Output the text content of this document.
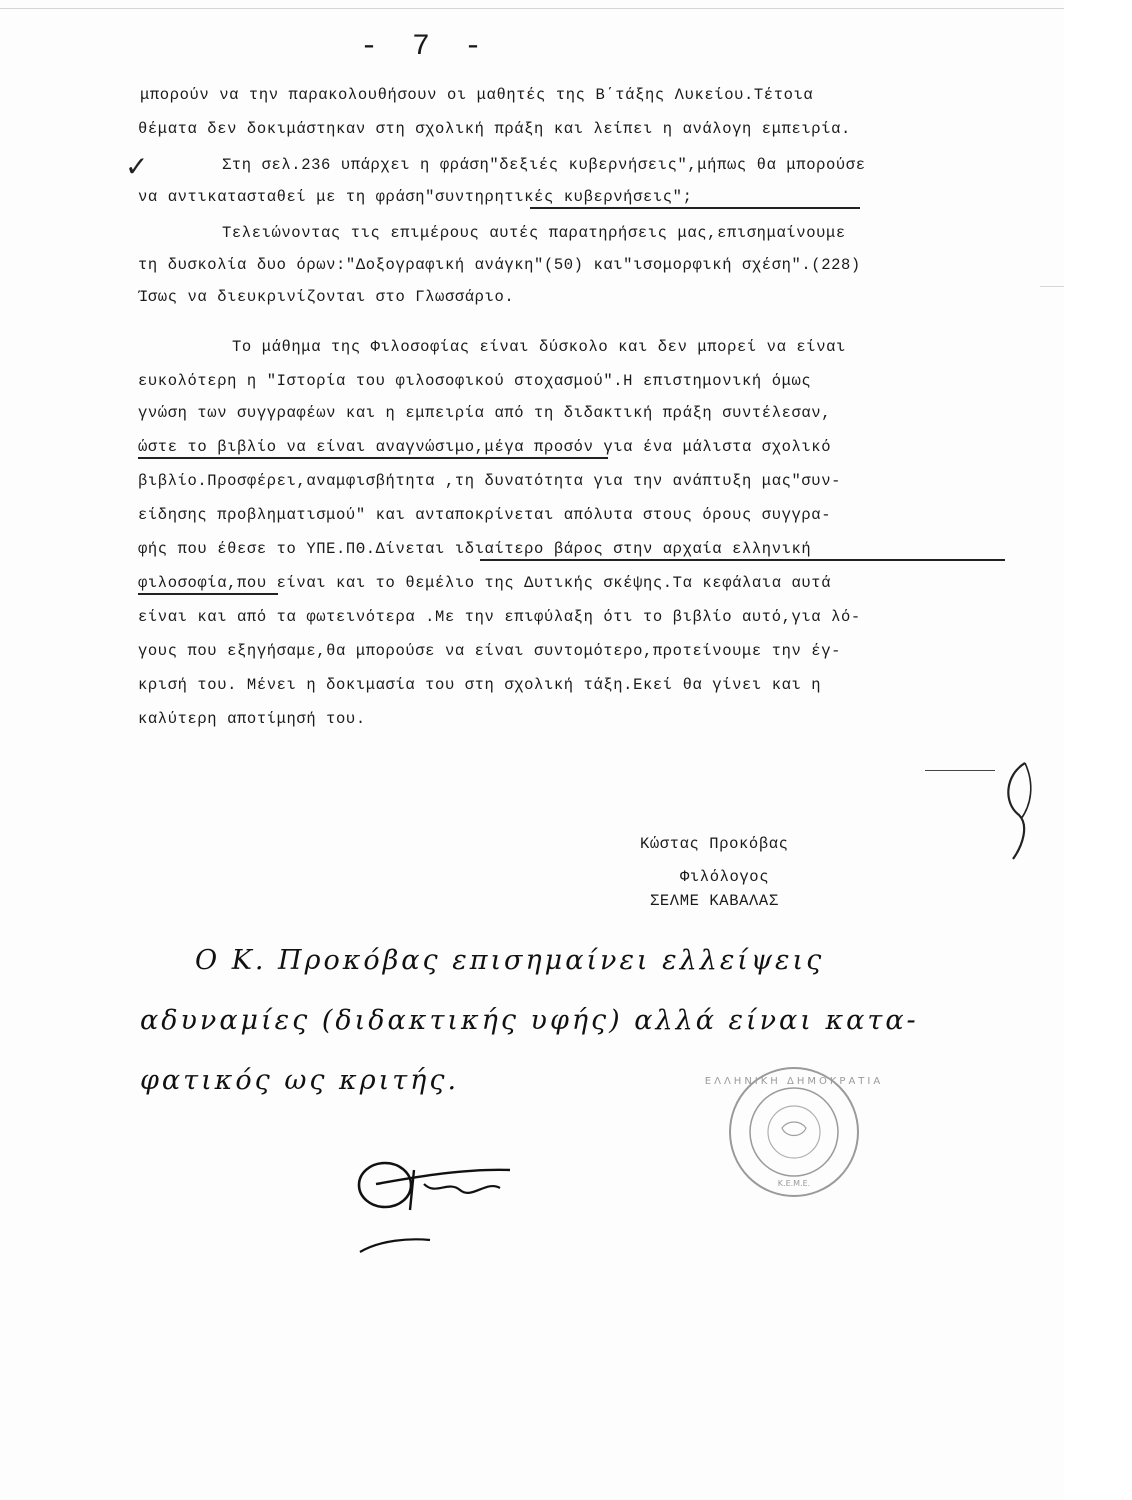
- 7 -
μπορούν να την παρακολουθήσουν οι μαθητές της Β΄τάξης Λυκείου.Τέτοια
θέματα δεν δοκιμάστηκαν στη σχολική πράξη και λείπει η ανάλογη εμπειρία.
✓	Στη σελ.236 υπάρχει η φράση"δεξιές κυβερνήσεις",μήπως θα μπορούσε
να αντικατασταθεί με τη φράση"συντηρητικές κυβερνήσεις";
Τελειώνοντας τις επιμέρους αυτές παρατηρήσεις μας,επισημαίνουμε
τη δυσκολία δυο όρων:"Δοξογραφική ανάγκη"(50) και"ισομορφική σχέση".(228)
Ίσως να διευκρινίζονται στο Γλωσσάριο.
Το μάθημα της Φιλοσοφίας είναι δύσκολο και δεν μπορεί να είναι
ευκολότερη η "Ιστορία του φιλοσοφικού στοχασμού".Η επιστημονική όμως
γνώση των συγγραφέων και η εμπειρία από τη διδακτική πράξη συντέλεσαν,
ώστε το βιβλίο να είναι αναγνώσιμο,μέγα προσόν για ένα μάλιστα σχολικό
βιβλίο.Προσφέρει,αναμφισβήτητα ,τη δυνατότητα για την ανάπτυξη μας"συν-
είδησης προβληματισμού" και ανταποκρίνεται απόλυτα στους όρους συγγρα-
φής που έθεσε το ΥΠΕ.ΠΘ.Δίνεται ιδιαίτερο βάρος στην αρχαία ελληνική
φιλοσοφία,που είναι και το θεμέλιο της Δυτικής σκέψης.Τα κεφάλαια αυτά
είναι και από τα φωτεινότερα .Με την επιφύλαξη ότι το βιβλίο αυτό,για λό-
γους που εξηγήσαμε,θα μπορούσε να είναι συντομότερο,προτείνουμε την έγ-
κρισή του. Μένει η δοκιμασία του στη σχολική τάξη.Εκεί θα γίνει και η
καλύτερη αποτίμησή του.
Κώστας Προκόβας
Φιλόλογος
ΣΕΛΜΕ ΚΑΒΑΛΑΣ
Ο Κ. Προκόβας επισημαίνει ελλείψεις
αδυναμίες (διδακτικής υφής) αλλά είναι κατα-
φατικός ως κριτής.	ΕΛΛΗΝΙΚΗ ΔΗΜΟΚΡΑΤΙΑ
Κ.Ε.Μ.Ε.
